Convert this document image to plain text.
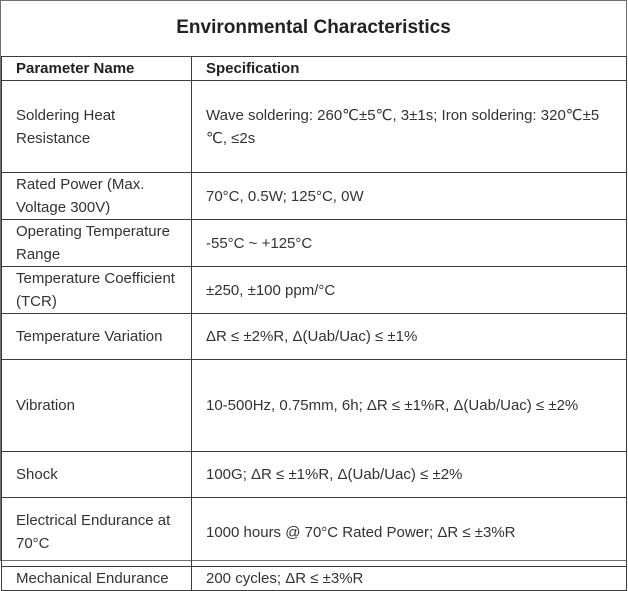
Environmental Characteristics
Parameter Name	Specification
Soldering Heat Resistance	Wave soldering: 260℃±5℃, 3±1s; Iron soldering: 320℃±5 ℃, ≤2s
Rated Power (Max. Voltage 300V)	70°C, 0.5W; 125°C, 0W
Operating Temperature Range	-55°C ~ +125°C
Temperature Coefficient (TCR)	±250, ±100 ppm/°C
Temperature Variation	ΔR ≤ ±2%R, Δ(Uab/Uac) ≤ ±1%
Vibration	10-500Hz, 0.75mm, 6h; ΔR ≤ ±1%R, Δ(Uab/Uac) ≤ ±2%
Shock	100G; ΔR ≤ ±1%R, Δ(Uab/Uac) ≤ ±2%
Electrical Endurance at 70°C	1000 hours @ 70°C Rated Power; ΔR ≤ ±3%R
Mechanical Endurance	200 cycles; ΔR ≤ ±3%R
